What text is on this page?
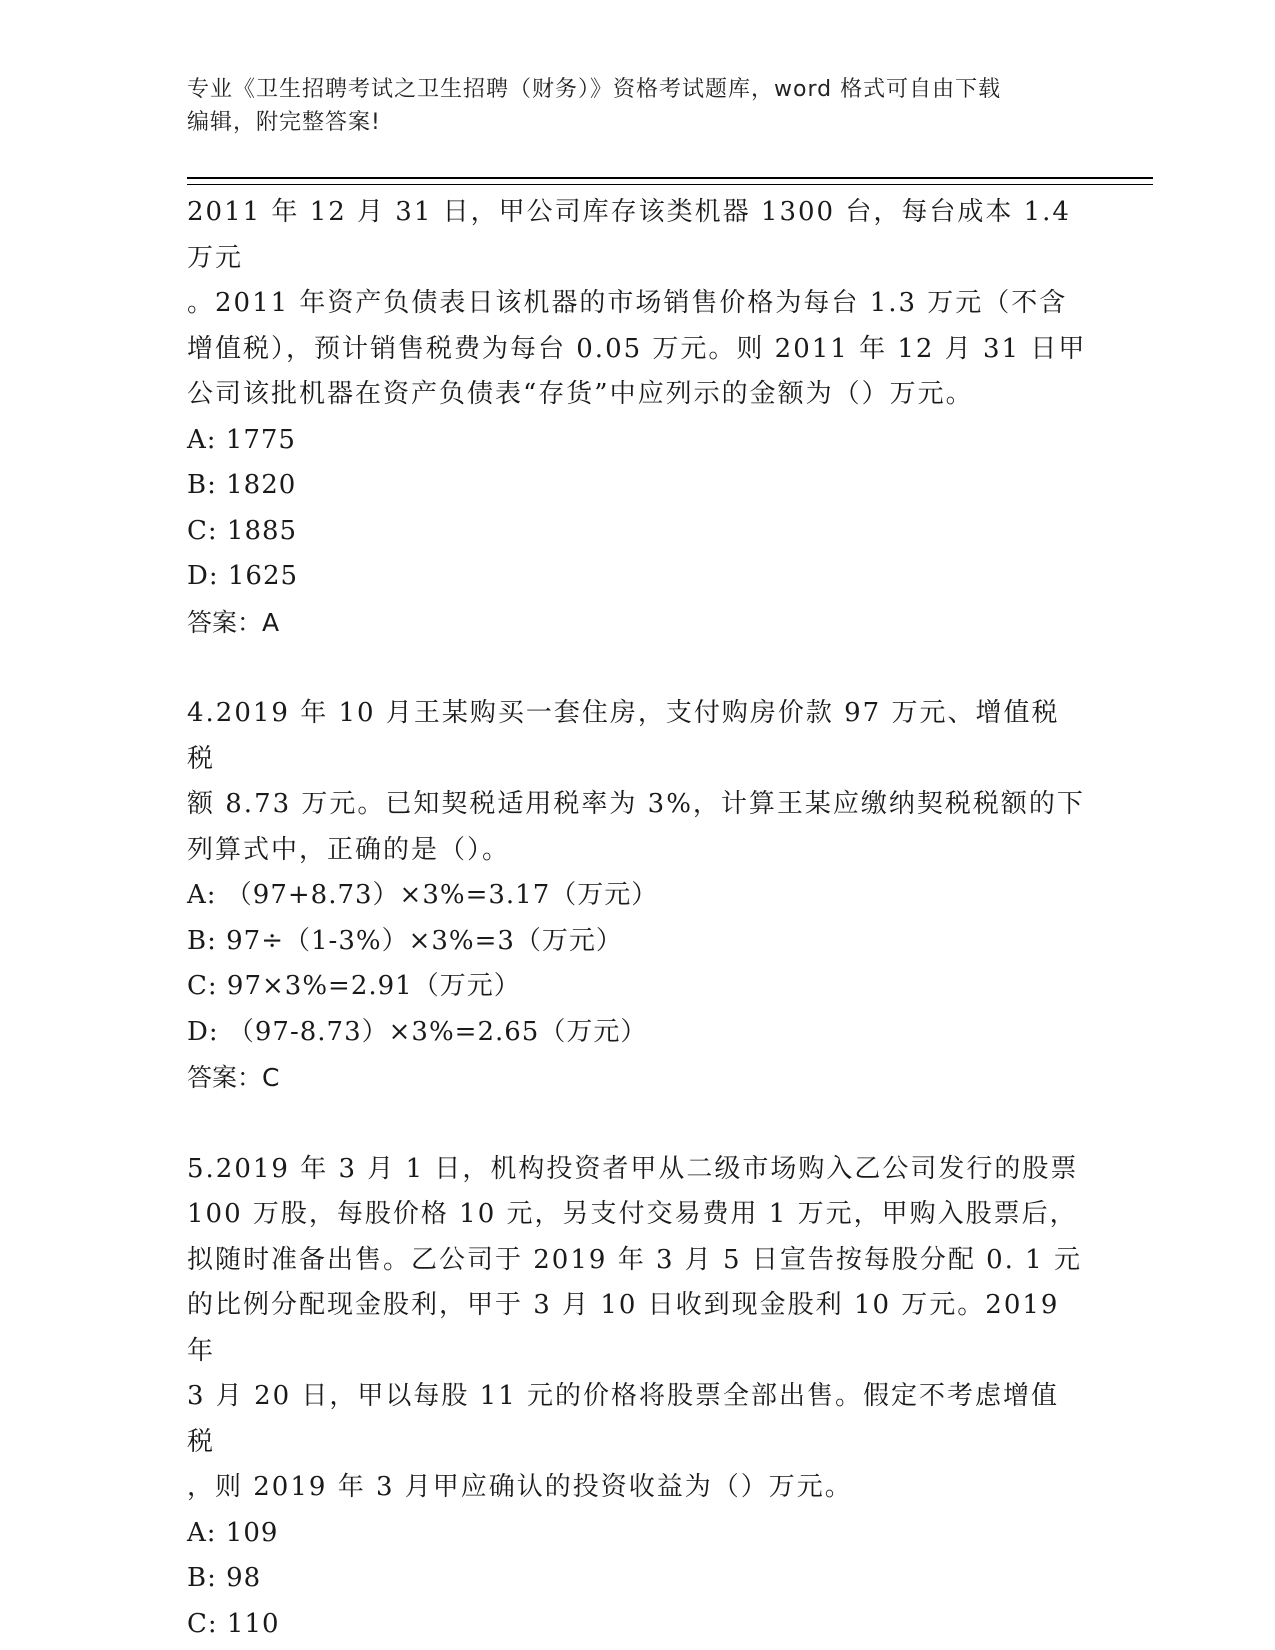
专业《卫生招聘考试之卫生招聘（财务）》资格考试题库，word 格式可自由下载
编辑，附完整答案!

2011 年 12 月 31 日，甲公司库存该类机器 1300 台，每台成本 1.4 万元

。2011 年资产负债表日该机器的市场销售价格为每台 1.3 万元（不含

增值税），预计销售税费为每台 0.05 万元。则 2011 年 12 月 31 日甲

公司该批机器在资产负债表“存货”中应列示的金额为（）万元。

A: 1775

B: 1820

C: 1885

D: 1625

答案：A

4.2019 年 10 月王某购买一套住房，支付购房价款 97 万元、增值税税

额 8.73 万元。已知契税适用税率为 3%，计算王某应缴纳契税税额的下

列算式中，正确的是（）。

A: （97+8.73）×3%=3.17（万元）

B: 97÷（1-3%）×3%=3（万元）

C: 97×3%=2.91（万元）

D: （97-8.73）×3%=2.65（万元）

答案：C

5.2019 年 3 月 1 日，机构投资者甲从二级市场购入乙公司发行的股票

100 万股，每股价格 10 元，另支付交易费用 1 万元，甲购入股票后，

拟随时准备出售。乙公司于 2019 年 3 月 5 日宣告按每股分配 0. 1 元

的比例分配现金股利，甲于 3 月 10 日收到现金股利 10 万元。2019 年

3 月 20 日，甲以每股 11 元的价格将股票全部出售。假定不考虑增值税

，则 2019 年 3 月甲应确认的投资收益为（）万元。

A: 109

B: 98

C: 110
